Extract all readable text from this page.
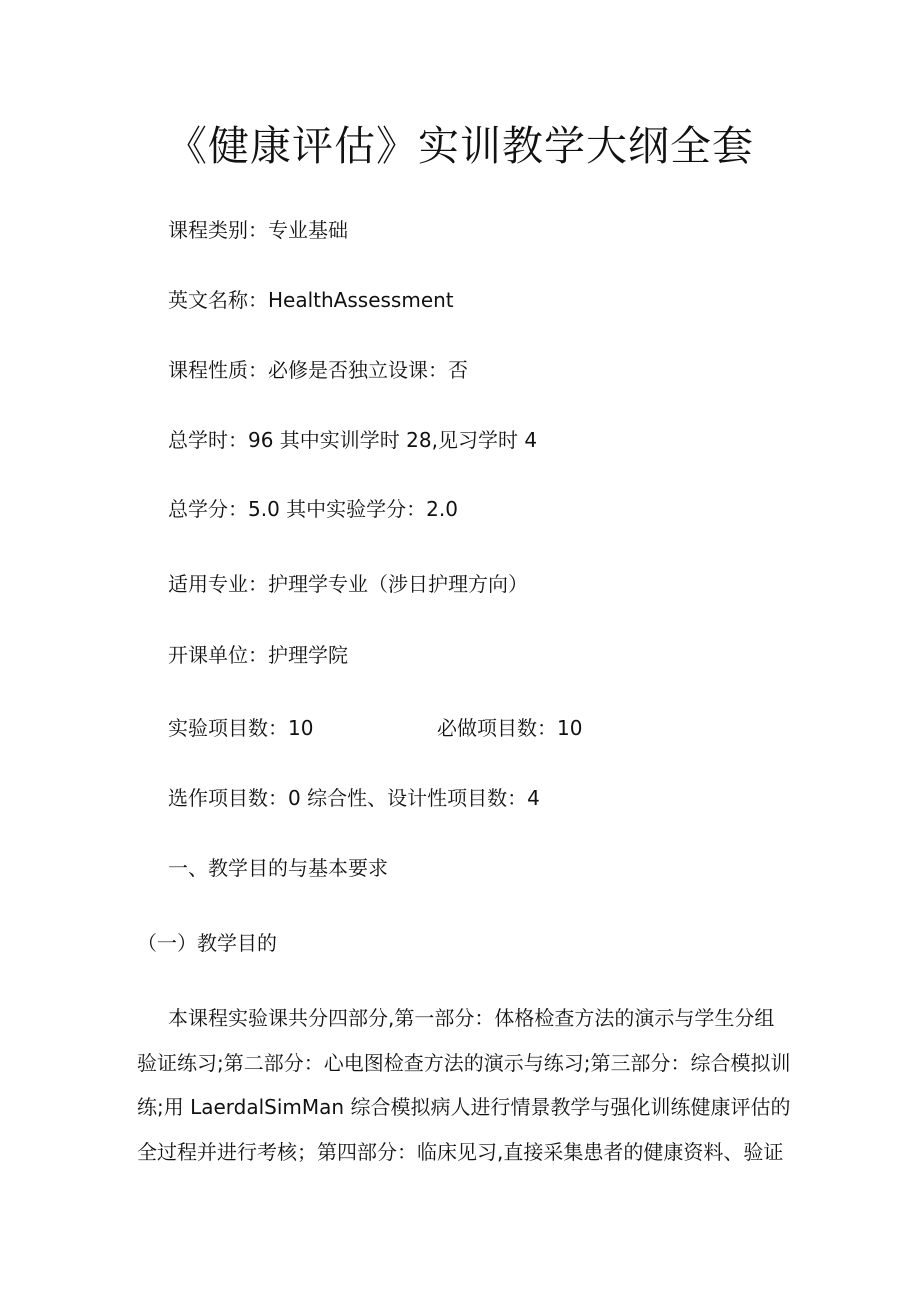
《健康评估》实训教学大纲全套
课程类别：专业基础
英文名称：HealthAssessment
课程性质：必修是否独立设课：否
总学时：96 其中实训学时 28,见习学时 4
总学分：5.0 其中实验学分：2.0
适用专业：护理学专业（涉日护理方向）
开课单位：护理学院
实验项目数：10	必做项目数：10
选作项目数：0 综合性、设计性项目数：4
一、教学目的与基本要求
（一）教学目的

本课程实验课共分四部分,第一部分：体格检查方法的演示与学生分组

验证练习;第二部分：心电图检查方法的演示与练习;第三部分：综合模拟训

练;用 LaerdalSimMan 综合模拟病人进行情景教学与强化训练健康评估的

全过程并进行考核；第四部分：临床见习,直接采集患者的健康资料、验证
